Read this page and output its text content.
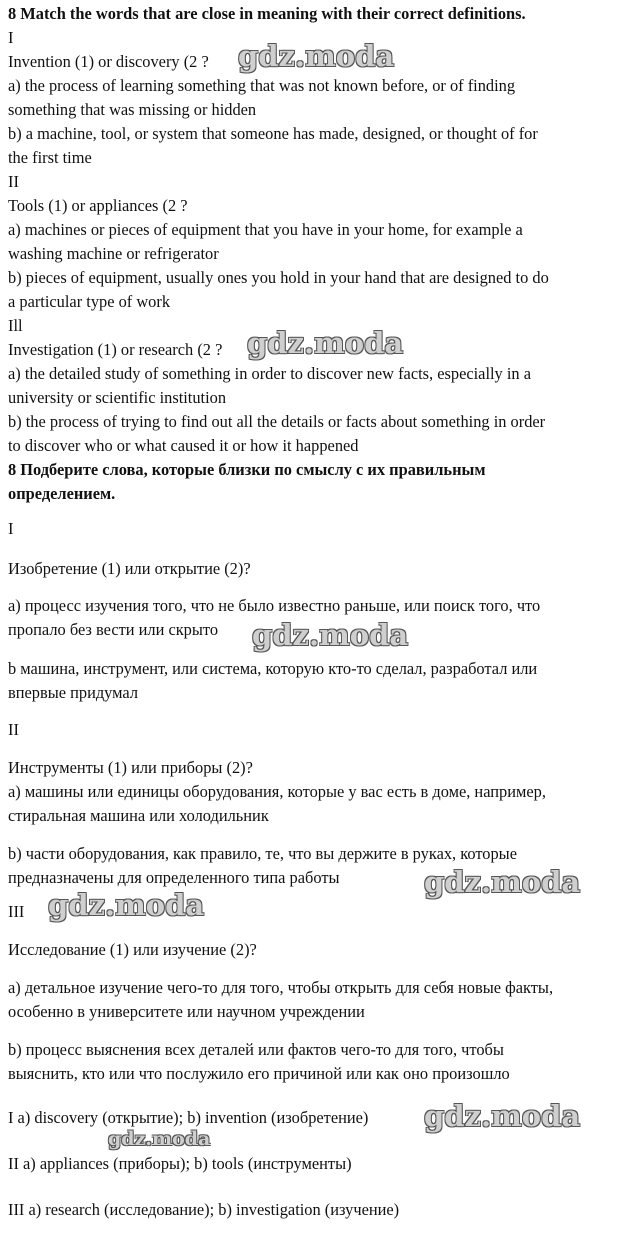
8 Match the words that are close in meaning with their correct definitions.
I
Invention (1) or discovery (2 ?
a) the process of learning something that was not known before, or of finding
something that was missing or hidden
b) a machine, tool, or system that someone has made, designed, or thought of for
the first time
II
Tools (1) or appliances (2 ?
a) machines or pieces of equipment that you have in your home, for example a
washing machine or refrigerator
b) pieces of equipment, usually ones you hold in your hand that are designed to do
a particular type of work
Ill
Investigation (1) or research (2 ?
a) the detailed study of something in order to discover new facts, especially in a
university or scientific institution
b) the process of trying to find out all the details or facts about something in order
to discover who or what caused it or how it happened
8 Подберите слова, которые близки по смыслу с их правильным
определением.
I
Изобретение (1) или открытие (2)?
а) процесс изучения того, что не было известно раньше, или поиск того, что
пропало без вести или скрыто
b машина, инструмент, или система, которую кто-то сделал, разработал или
впервые придумал
II
Инструменты (1) или приборы (2)?
а) машины или единицы оборудования, которые у вас есть в доме, например,
стиральная машина или холодильник
b) части оборудования, как правило, те, что вы держите в руках, которые
предназначены для определенного типа работы
III
Исследование (1) или изучение (2)?
а) детальное изучение чего-то для того, чтобы открыть для себя новые факты,
особенно в университете или научном учреждении
b) процесс выяснения всех деталей или фактов чего-то для того, чтобы
выяснить, кто или что послужило его причиной или как оно произошло
I a) discovery (открытие); b) invention (изобретение)
II a) appliances (приборы); b) tools (инструменты)
III a) research (исследование); b) investigation (изучение)
gdz.moda
gdz.moda
gdz.moda
gdz.moda
gdz.moda
gdz.moda
gdz.moda
